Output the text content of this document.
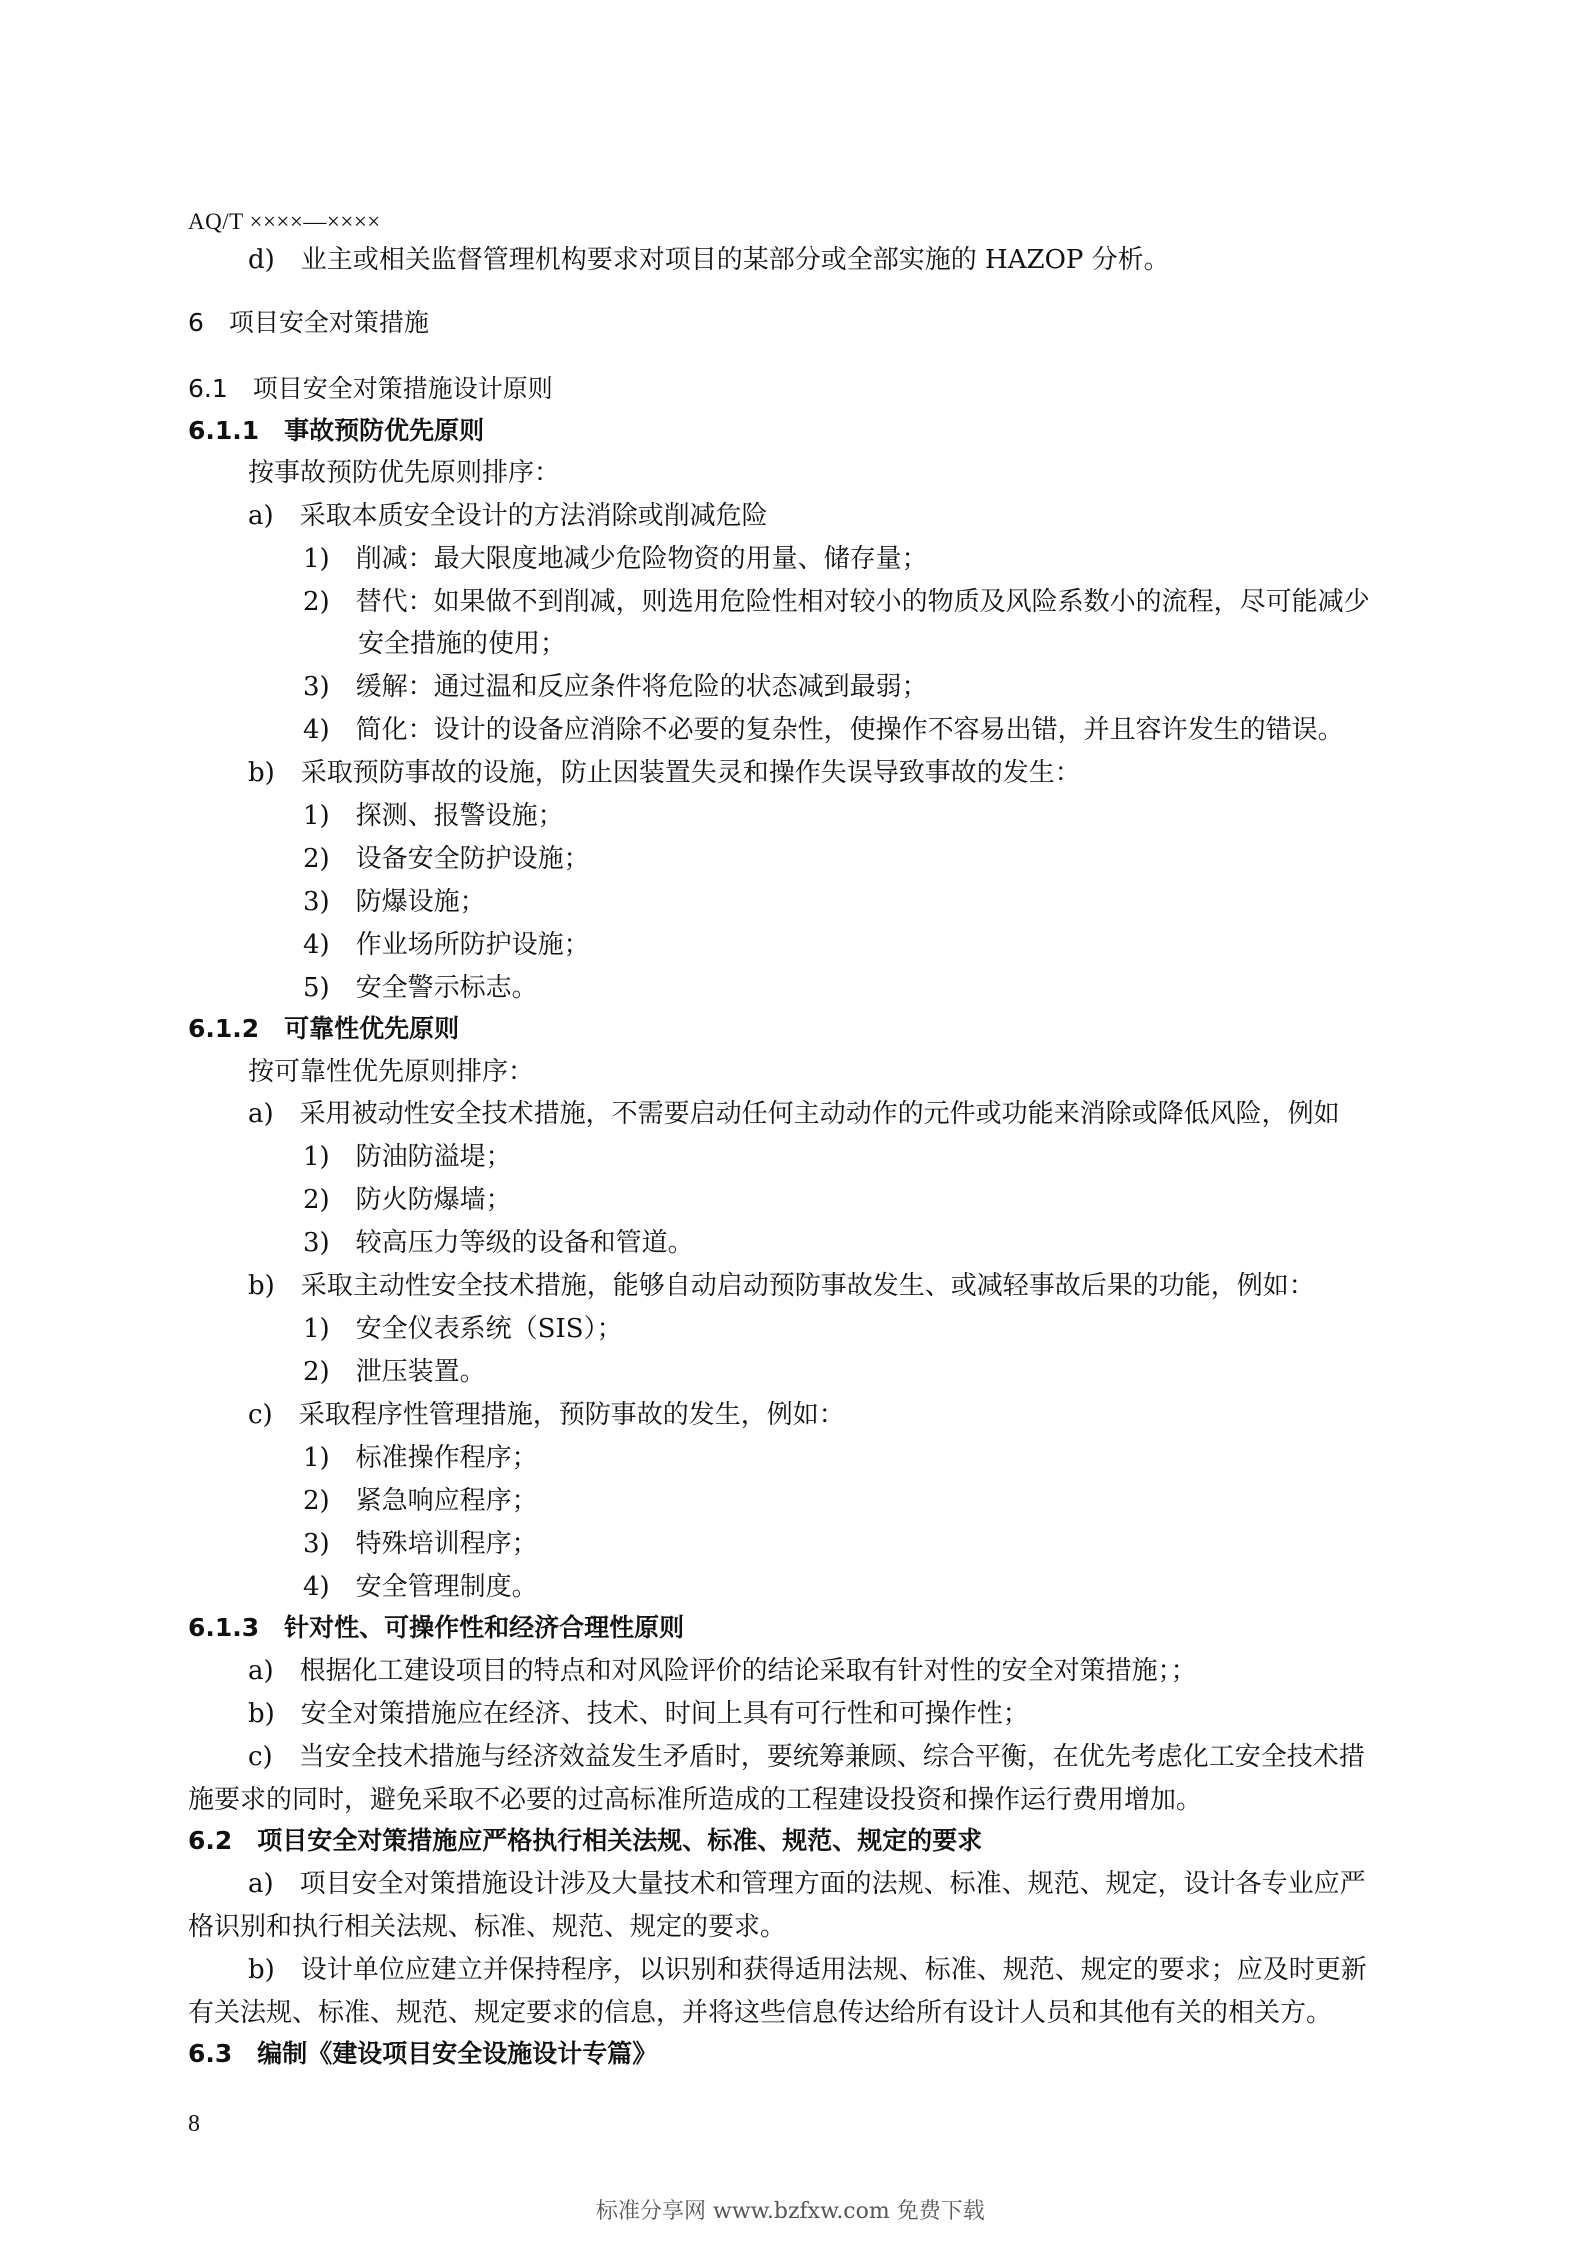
AQ/T ××××—××××
d)　业主或相关监督管理机构要求对项目的某部分或全部实施的 HAZOP 分析。
6　项目安全对策措施
6.1　项目安全对策措施设计原则
6.1.1　事故预防优先原则
按事故预防优先原则排序：
a)　采取本质安全设计的方法消除或削减危险
1)　削减：最大限度地减少危险物资的用量、储存量；
2)　替代：如果做不到削减，则选用危险性相对较小的物质及风险系数小的流程，尽可能减少
安全措施的使用；
3)　缓解：通过温和反应条件将危险的状态减到最弱；
4)　简化：设计的设备应消除不必要的复杂性，使操作不容易出错，并且容许发生的错误。
b)　采取预防事故的设施，防止因装置失灵和操作失误导致事故的发生：
1)　探测、报警设施；
2)　设备安全防护设施；
3)　防爆设施；
4)　作业场所防护设施；
5)　安全警示标志。
6.1.2　可靠性优先原则
按可靠性优先原则排序：
a)　采用被动性安全技术措施，不需要启动任何主动动作的元件或功能来消除或降低风险，例如
1)　防油防溢堤；
2)　防火防爆墙；
3)　较高压力等级的设备和管道。
b)　采取主动性安全技术措施，能够自动启动预防事故发生、或减轻事故后果的功能，例如：
1)　安全仪表系统（SIS）；
2)　泄压装置。
c)　采取程序性管理措施，预防事故的发生，例如：
1)　标准操作程序；
2)　紧急响应程序；
3)　特殊培训程序；
4)　安全管理制度。
6.1.3　针对性、可操作性和经济合理性原则
a)　根据化工建设项目的特点和对风险评价的结论采取有针对性的安全对策措施；；
b)　安全对策措施应在经济、技术、时间上具有可行性和可操作性；
c)　当安全技术措施与经济效益发生矛盾时，要统筹兼顾、综合平衡，在优先考虑化工安全技术措
施要求的同时，避免采取不必要的过高标准所造成的工程建设投资和操作运行费用增加。
6.2　项目安全对策措施应严格执行相关法规、标准、规范、规定的要求
a)　项目安全对策措施设计涉及大量技术和管理方面的法规、标准、规范、规定，设计各专业应严
格识别和执行相关法规、标准、规范、规定的要求。
b)　设计单位应建立并保持程序，以识别和获得适用法规、标准、规范、规定的要求；应及时更新
有关法规、标准、规范、规定要求的信息，并将这些信息传达给所有设计人员和其他有关的相关方。
6.3　编制《建设项目安全设施设计专篇》
8
标准分享网 www.bzfxw.com 免费下载
